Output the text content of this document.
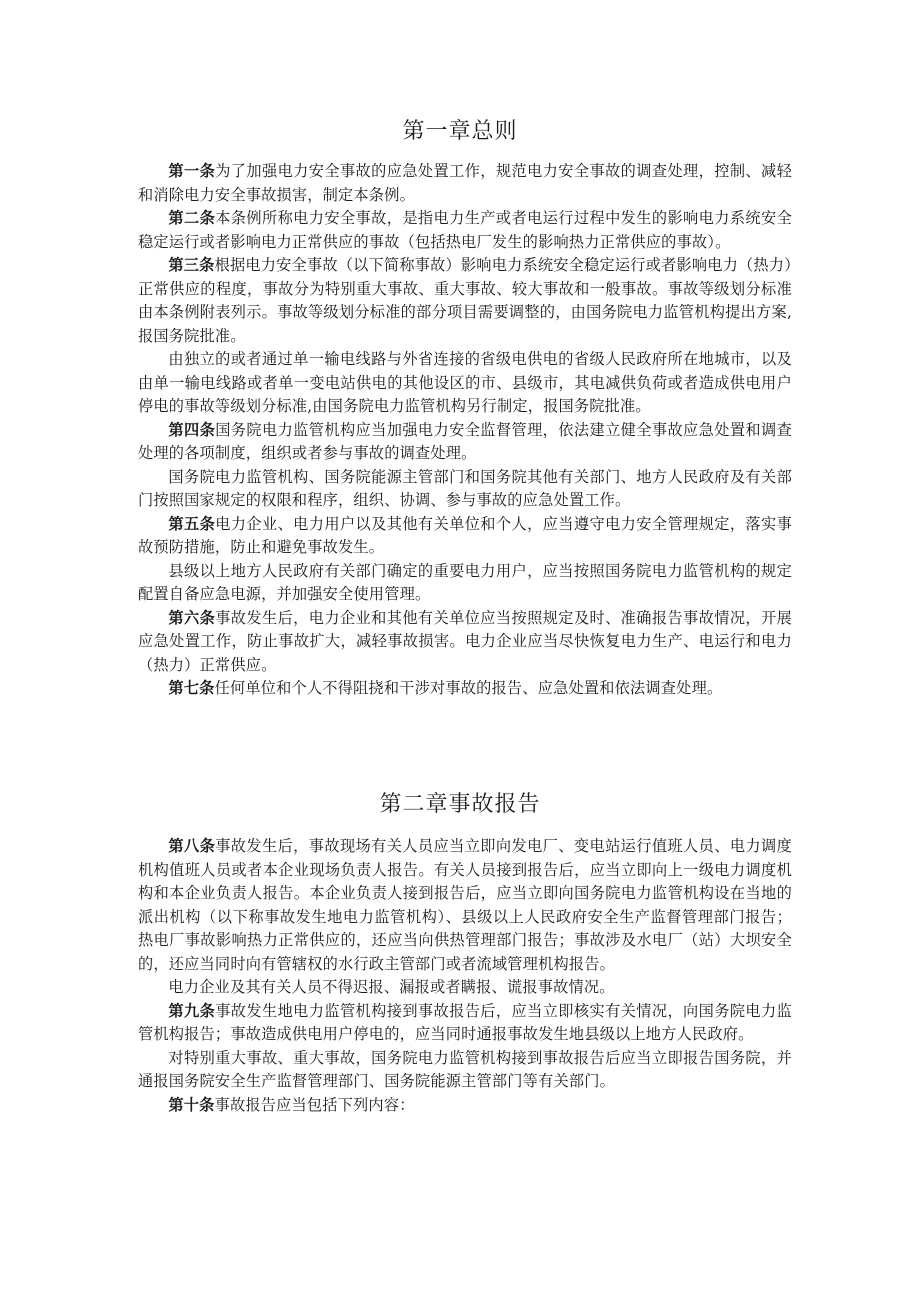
第一章总则

第一条为了加强电力安全事故的应急处置工作，规范电力安全事故的调查处理，控制、减轻和消除电力安全事故损害，制定本条例。

第二条本条例所称电力安全事故，是指电力生产或者电运行过程中发生的影响电力系统安全稳定运行或者影响电力正常供应的事故（包括热电厂发生的影响热力正常供应的事故）。

第三条根据电力安全事故（以下简称事故）影响电力系统安全稳定运行或者影响电力（热力）正常供应的程度，事故分为特别重大事故、重大事故、较大事故和一般事故。事故等级划分标准由本条例附表列示。事故等级划分标准的部分项目需要调整的，由国务院电力监管机构提出方案,报国务院批准。

由独立的或者通过单一输电线路与外省连接的省级电供电的省级人民政府所在地城市，以及由单一输电线路或者单一变电站供电的其他设区的市、县级市，其电减供负荷或者造成供电用户停电的事故等级划分标准,由国务院电力监管机构另行制定，报国务院批准。

第四条国务院电力监管机构应当加强电力安全监督管理，依法建立健全事故应急处置和调查处理的各项制度，组织或者参与事故的调查处理。

国务院电力监管机构、国务院能源主管部门和国务院其他有关部门、地方人民政府及有关部门按照国家规定的权限和程序，组织、协调、参与事故的应急处置工作。

第五条电力企业、电力用户以及其他有关单位和个人，应当遵守电力安全管理规定，落实事故预防措施，防止和避免事故发生。

县级以上地方人民政府有关部门确定的重要电力用户，应当按照国务院电力监管机构的规定配置自备应急电源，并加强安全使用管理。

第六条事故发生后，电力企业和其他有关单位应当按照规定及时、准确报告事故情况，开展应急处置工作，防止事故扩大，减轻事故损害。电力企业应当尽快恢复电力生产、电运行和电力（热力）正常供应。

第七条任何单位和个人不得阻挠和干涉对事故的报告、应急处置和依法调查处理。

第二章事故报告

第八条事故发生后，事故现场有关人员应当立即向发电厂、变电站运行值班人员、电力调度机构值班人员或者本企业现场负责人报告。有关人员接到报告后，应当立即向上一级电力调度机构和本企业负责人报告。本企业负责人接到报告后，应当立即向国务院电力监管机构设在当地的派出机构（以下称事故发生地电力监管机构）、县级以上人民政府安全生产监督管理部门报告；热电厂事故影响热力正常供应的，还应当向供热管理部门报告；事故涉及水电厂（站）大坝安全的，还应当同时向有管辖权的水行政主管部门或者流域管理机构报告。

电力企业及其有关人员不得迟报、漏报或者瞒报、谎报事故情况。

第九条事故发生地电力监管机构接到事故报告后，应当立即核实有关情况，向国务院电力监管机构报告；事故造成供电用户停电的，应当同时通报事故发生地县级以上地方人民政府。

对特别重大事故、重大事故，国务院电力监管机构接到事故报告后应当立即报告国务院，并通报国务院安全生产监督管理部门、国务院能源主管部门等有关部门。

第十条事故报告应当包括下列内容：
